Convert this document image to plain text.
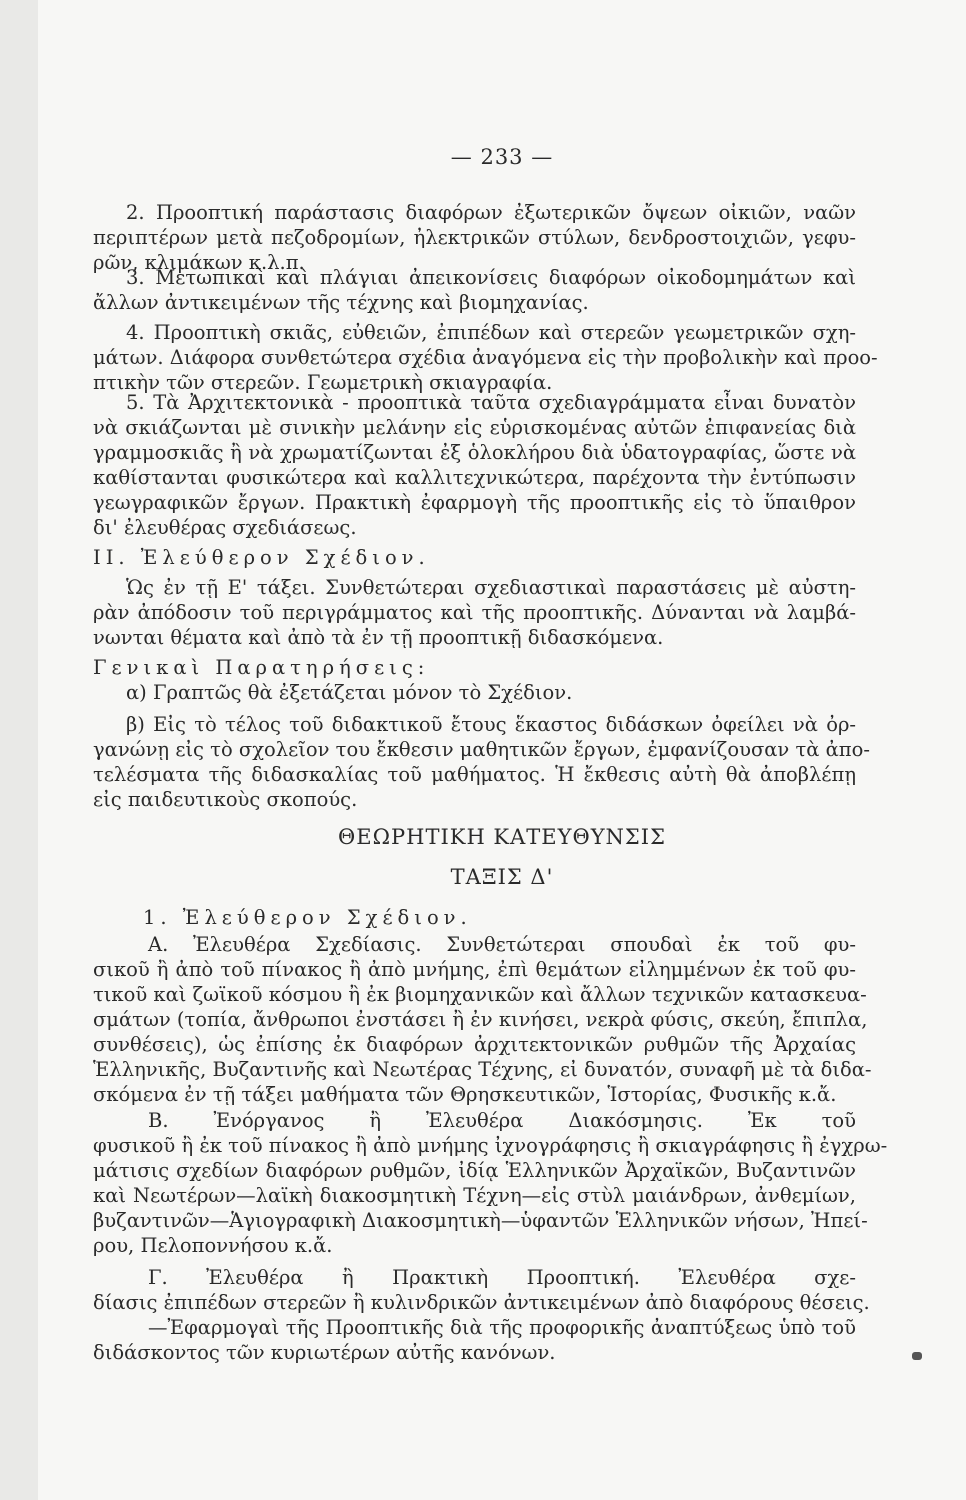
— 233 —
2. Προοπτική παράστασις διαφόρων ἐξωτερικῶν ὄψεων οἰκιῶν, ναῶν
περιπτέρων μετὰ πεζοδρομίων, ἠλεκτρικῶν στύλων, δενδροστοιχιῶν, γεφυ-
ρῶν, κλιμάκων κ.λ.π.
3. Μετωπικαὶ καὶ πλάγιαι ἀπεικονίσεις διαφόρων οἰκοδομημάτων καὶ
ἄλλων ἀντικειμένων τῆς τέχνης καὶ βιομηχανίας.
4. Προοπτικὴ σκιᾶς, εὐθειῶν, ἐπιπέδων καὶ στερεῶν γεωμετρικῶν σχη-
μάτων. Διάφορα συνθετώτερα σχέδια ἀναγόμενα εἰς τὴν προβολικὴν καὶ προο-
πτικὴν τῶν στερεῶν. Γεωμετρικὴ σκιαγραφία.
5. Τὰ Ἀρχιτεκτονικὰ - προοπτικὰ ταῦτα σχεδιαγράμματα εἶναι δυνατὸν
νὰ σκιάζωνται μὲ σινικὴν μελάνην εἰς εὑρισκομένας αὐτῶν ἐπιφανείας διὰ
γραμμοσκιᾶς ἢ νὰ χρωματίζωνται ἐξ ὁλοκλήρου διὰ ὑδατογραφίας, ὥστε νὰ
καθίστανται φυσικώτερα καὶ καλλιτεχνικώτερα, παρέχοντα τὴν ἐντύπωσιν
γεωγραφικῶν ἔργων. Πρακτικὴ ἐφαρμογὴ τῆς προοπτικῆς εἰς τὸ ὕπαιθρον
δι' ἐλευθέρας σχεδιάσεως.
II. Ἐλεύθερον Σχέδιον.
Ὡς ἐν τῇ Ε' τάξει. Συνθετώτεραι σχεδιαστικαὶ παραστάσεις μὲ αὐστη-
ρὰν ἀπόδοσιν τοῦ περιγράμματος καὶ τῆς προοπτικῆς. Δύνανται νὰ λαμβά-
νωνται θέματα καὶ ἀπὸ τὰ ἐν τῇ προοπτικῇ διδασκόμενα.
Γενικαὶ Παρατηρήσεις:
α) Γραπτῶς θὰ ἐξετάζεται μόνον τὸ Σχέδιον.
β) Εἰς τὸ τέλος τοῦ διδακτικοῦ ἔτους ἕκαστος διδάσκων ὀφείλει νὰ ὀρ-
γανώνῃ εἰς τὸ σχολεῖον του ἔκθεσιν μαθητικῶν ἔργων, ἐμφανίζουσαν τὰ ἀπο-
τελέσματα τῆς διδασκαλίας τοῦ μαθήματος. Ἡ ἔκθεσις αὐτὴ θὰ ἀποβλέπῃ
εἰς παιδευτικοὺς σκοπούς.
ΘΕΩΡΗΤΙΚΗ ΚΑΤΕΥΘΥΝΣΙΣ
ΤΑΞΙΣ Δ'
1. Ἐλεύθερον Σχέδιον.
Α. Ἐλευθέρα Σχεδίασις. Συνθετώτεραι σπουδαὶ ἐκ τοῦ φυ-
σικοῦ ἢ ἀπὸ τοῦ πίνακος ἢ ἀπὸ μνήμης, ἐπὶ θεμάτων εἰλημμένων ἐκ τοῦ φυ-
τικοῦ καὶ ζωϊκοῦ κόσμου ἢ ἐκ βιομηχανικῶν καὶ ἄλλων τεχνικῶν κατασκευα-
σμάτων (τοπία, ἄνθρωποι ἐνστάσει ἢ ἐν κινήσει, νεκρὰ φύσις, σκεύη, ἔπιπλα,
συνθέσεις), ὡς ἐπίσης ἐκ διαφόρων ἀρχιτεκτονικῶν ρυθμῶν τῆς Ἀρχαίας
Ἑλληνικῆς, Βυζαντινῆς καὶ Νεωτέρας Τέχνης, εἰ δυνατόν, συναφῆ μὲ τὰ διδα-
σκόμενα ἐν τῇ τάξει μαθήματα τῶν Θρησκευτικῶν, Ἱστορίας, Φυσικῆς κ.ἄ.
Β. Ἐνόργανος ἢ Ἐλευθέρα Διακόσμησις. Ἐκ τοῦ
φυσικοῦ ἢ ἐκ τοῦ πίνακος ἢ ἀπὸ μνήμης ἰχνογράφησις ἢ σκιαγράφησις ἢ ἐγχρω-
μάτισις σχεδίων διαφόρων ρυθμῶν, ἰδίᾳ Ἑλληνικῶν Ἀρχαϊκῶν, Βυζαντινῶν
καὶ Νεωτέρων—λαϊκὴ διακοσμητικὴ Τέχνη—εἰς στὺλ μαιάνδρων, ἀνθεμίων,
βυζαντινῶν—Ἁγιογραφικὴ Διακοσμητικὴ—ὑφαντῶν Ἑλληνικῶν νήσων, Ἠπεί-
ρου, Πελοποννήσου κ.ἄ.
Γ. Ἐλευθέρα ἢ Πρακτικὴ Προοπτική. Ἐλευθέρα σχε-
δίασις ἐπιπέδων στερεῶν ἢ κυλινδρικῶν ἀντικειμένων ἀπὸ διαφόρους θέσεις.
—Ἐφαρμογαὶ τῆς Προοπτικῆς διὰ τῆς προφορικῆς ἀναπτύξεως ὑπὸ τοῦ
διδάσκοντος τῶν κυριωτέρων αὐτῆς κανόνων.
